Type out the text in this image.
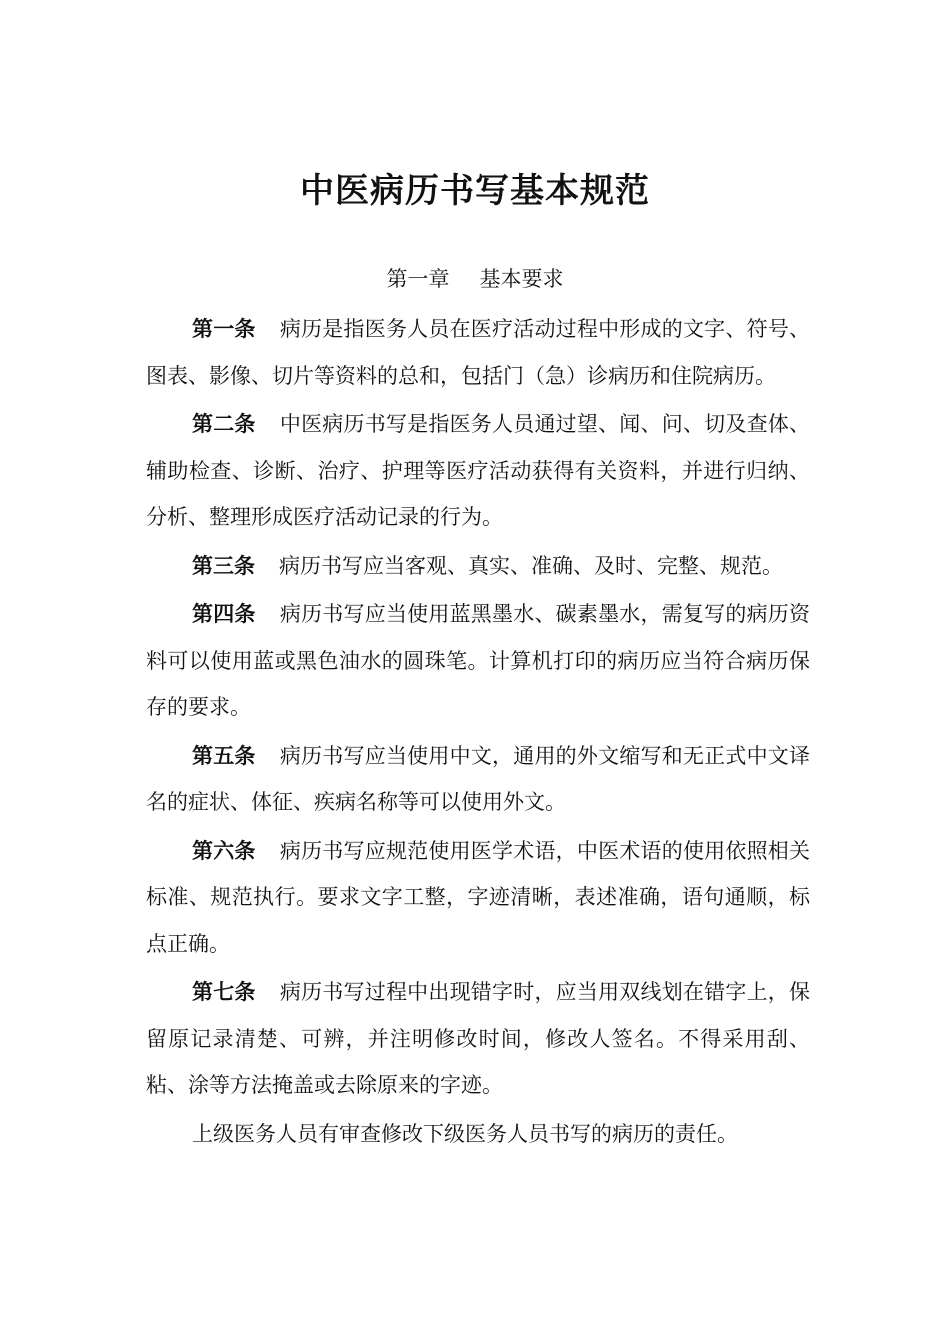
中医病历书写基本规范
第一章 基本要求

第一条 病历是指医务人员在医疗活动过程中形成的文字、符号、图表、影像、切片等资料的总和，包括门（急）诊病历和住院病历。

第二条 中医病历书写是指医务人员通过望、闻、问、切及查体、辅助检查、诊断、治疗、护理等医疗活动获得有关资料，并进行归纳、分析、整理形成医疗活动记录的行为。

第三条 病历书写应当客观、真实、准确、及时、完整、规范。

第四条 病历书写应当使用蓝黑墨水、碳素墨水，需复写的病历资料可以使用蓝或黑色油水的圆珠笔。计算机打印的病历应当符合病历保存的要求。

第五条 病历书写应当使用中文，通用的外文缩写和无正式中文译名的症状、体征、疾病名称等可以使用外文。

第六条 病历书写应规范使用医学术语，中医术语的使用依照相关标准、规范执行。要求文字工整，字迹清晰，表述准确，语句通顺，标点正确。

第七条 病历书写过程中出现错字时，应当用双线划在错字上，保留原记录清楚、可辨，并注明修改时间，修改人签名。不得采用刮、粘、涂等方法掩盖或去除原来的字迹。

上级医务人员有审查修改下级医务人员书写的病历的责任。
